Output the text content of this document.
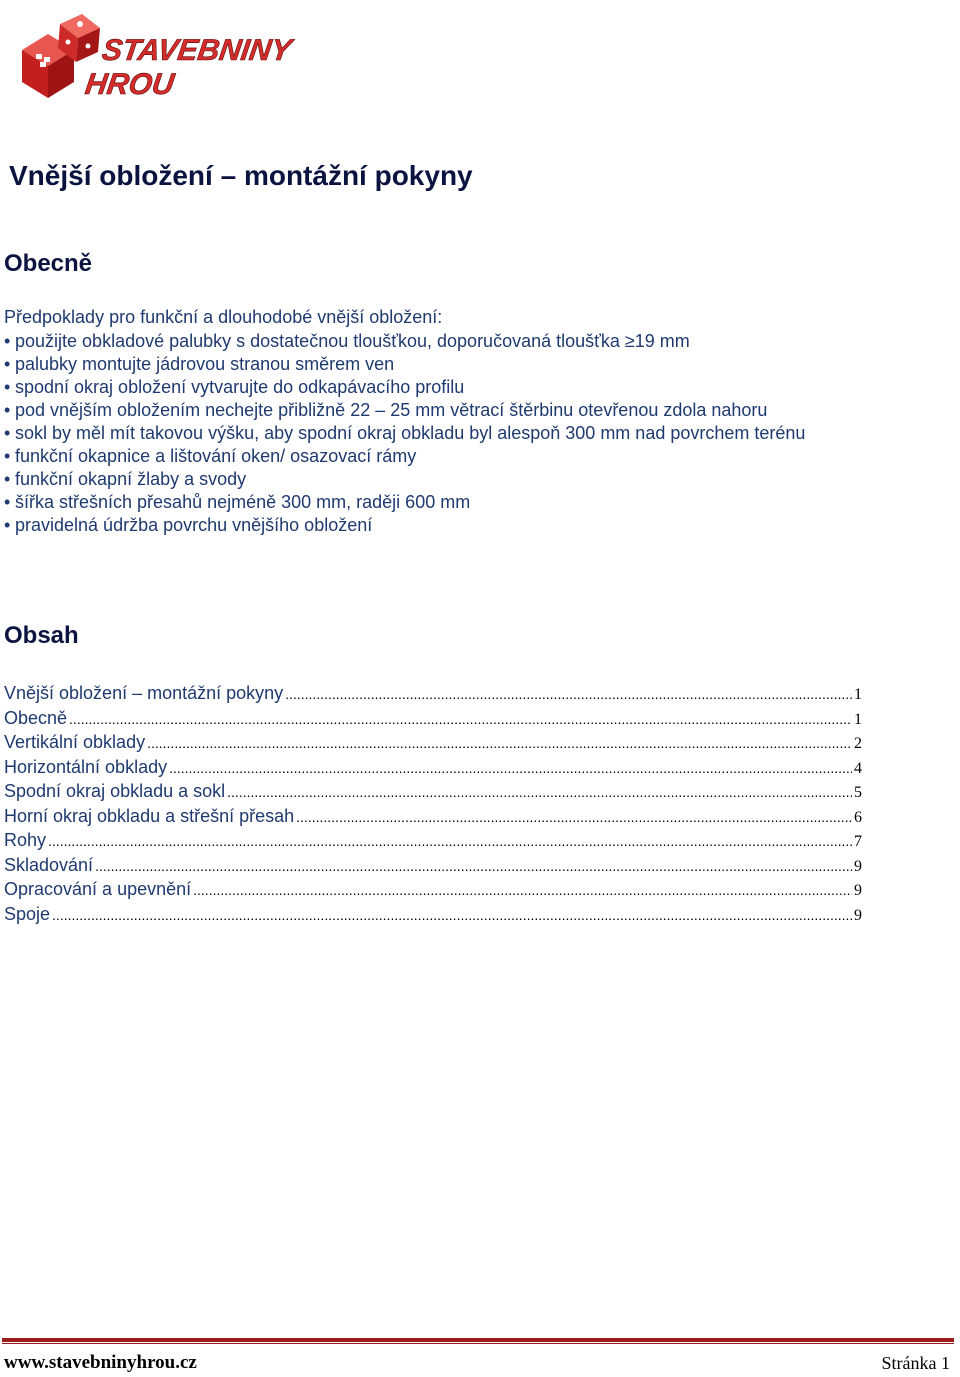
STAVEBNINY
HROU
Vnější obložení – montážní pokyny
Obecně
Předpoklady pro funkční a dlouhodobé vnější obložení:
• použijte obkladové palubky s dostatečnou tloušťkou, doporučovaná tloušťka ≥19 mm
• palubky montujte jádrovou stranou směrem ven
• spodní okraj obložení vytvarujte do odkapávacího profilu
• pod vnějším obložením nechejte přibližně 22 – 25 mm větrací štěrbinu otevřenou zdola nahoru
• sokl by měl mít takovou výšku, aby spodní okraj obkladu byl alespoň 300 mm nad povrchem terénu
• funkční okapnice a lištování oken/ osazovací rámy
• funkční okapní žlaby a svody
• šířka střešních přesahů nejméně 300 mm, raději 600 mm
• pravidelná údržba povrchu vnějšího obložení
Obsah
Vnější obložení – montážní pokyny .....	1
Obecně .....	1
Vertikální obklady .....	2
Horizontální obklady .....	4
Spodní okraj obkladu a sokl .....	5
Horní okraj obkladu a střešní přesah .....	6
Rohy .....	7
Skladování .....	9
Opracování a upevnění .....	9
Spoje .....	9
www.stavebninyhrou.cz	Stránka 1
